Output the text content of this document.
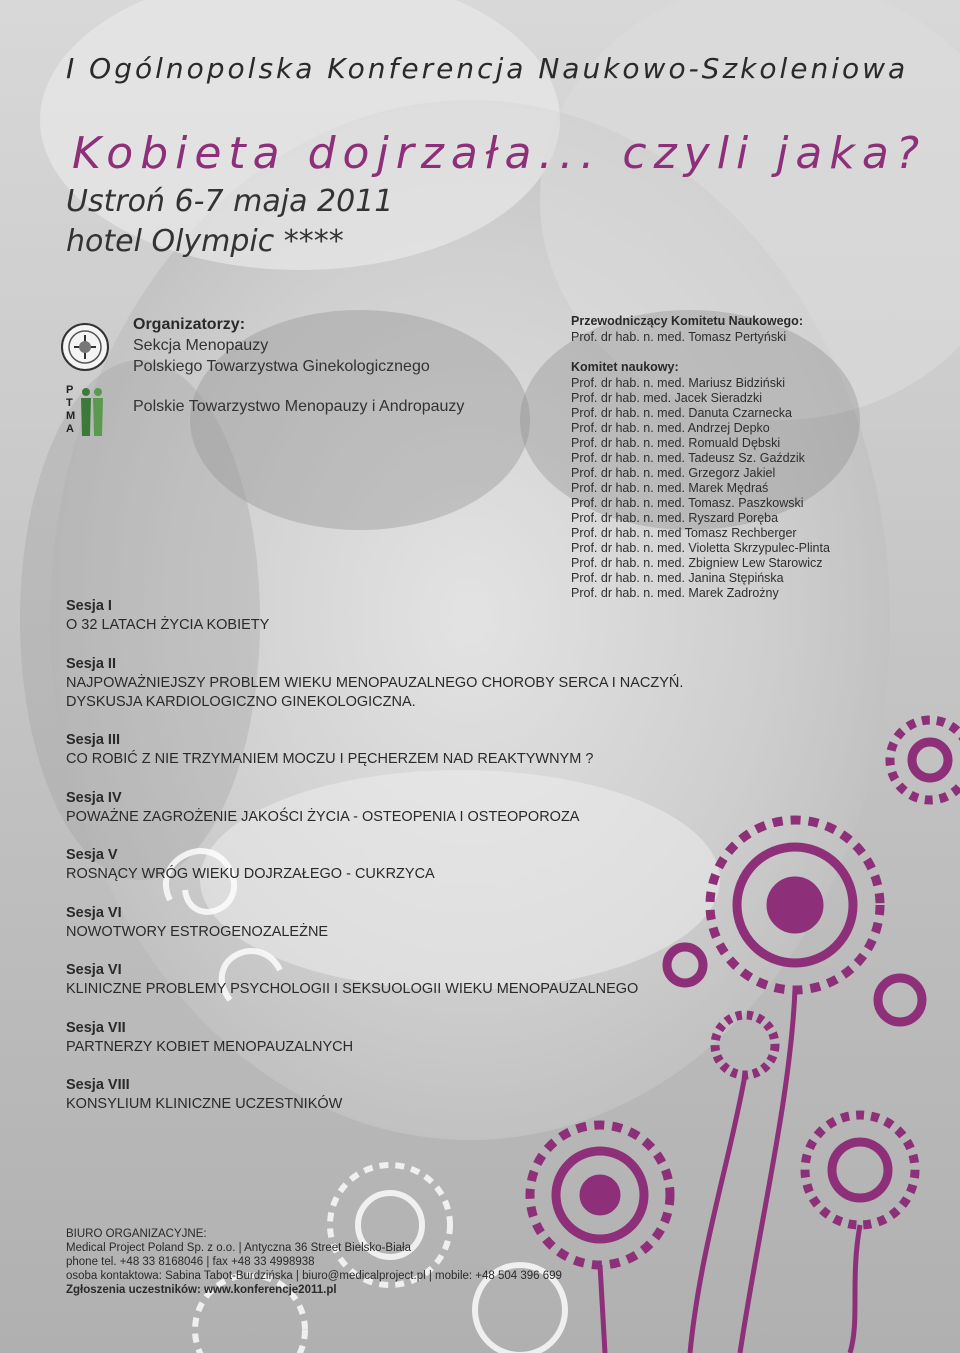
I Ogólnopolska Konferencja Naukowo-Szkoleniowa
Kobieta dojrzała... czyli jaka?
Ustroń 6-7 maja 2011
hotel Olympic ****
P
T
M
A
Organizatorzy:
Sekcja Menopauzy
Polskiego Towarzystwa Ginekologicznego
Polskie Towarzystwo Menopauzy i Andropauzy
Przewodniczący Komitetu Naukowego:
Prof. dr hab. n. med. Tomasz Pertyński
Komitet naukowy:
Prof. dr hab. n. med. Mariusz Bidziński
Prof. dr hab. med. Jacek Sieradzki
Prof. dr hab. n. med. Danuta Czarnecka
Prof. dr hab. n. med. Andrzej Depko
Prof. dr hab. n. med. Romuald Dębski
Prof. dr hab. n. med. Tadeusz Sz. Gaździk
Prof. dr hab. n. med. Grzegorz Jakiel
Prof. dr hab. n. med. Marek Mędraś
Prof. dr hab. n. med. Tomasz. Paszkowski
Prof. dr hab. n. med. Ryszard Poręba
Prof. dr hab. n. med Tomasz Rechberger
Prof. dr hab. n. med. Violetta Skrzypulec-Plinta
Prof. dr hab. n. med. Zbigniew Lew Starowicz
Prof. dr hab. n. med. Janina Stępińska
Prof. dr hab. n. med. Marek Zadrożny
Sesja I
O 32 LATACH ŻYCIA KOBIETY
Sesja II
NAJPOWAŻNIEJSZY PROBLEM WIEKU MENOPAUZALNEGO CHOROBY SERCA I NACZYŃ.
DYSKUSJA KARDIOLOGICZNO GINEKOLOGICZNA.
Sesja III
CO ROBIĆ Z NIE TRZYMANIEM MOCZU I PĘCHERZEM NAD REAKTYWNYM ?
Sesja IV
POWAŻNE ZAGROŻENIE JAKOŚCI ŻYCIA - OSTEOPENIA I OSTEOPOROZA
Sesja V
ROSNĄCY WRÓG WIEKU DOJRZAŁEGO - CUKRZYCA
Sesja VI
NOWOTWORY ESTROGENOZALEŻNE
Sesja VI
KLINICZNE PROBLEMY PSYCHOLOGII I SEKSUOLOGII WIEKU MENOPAUZALNEGO
Sesja VII
PARTNERZY KOBIET MENOPAUZALNYCH
Sesja VIII
KONSYLIUM KLINICZNE UCZESTNIKÓW
BIURO ORGANIZACYJNE:
Medical Project Poland Sp. z o.o. | Antyczna 36 Street Bielsko-Biała
phone tel. +48 33 8168046 | fax +48 33 4998938
osoba kontaktowa: Sabina Tabot-Burdzińska | biuro@medicalproject.pl | mobile: +48 504 396 699
Zgłoszenia uczestników: www.konferencje2011.pl
